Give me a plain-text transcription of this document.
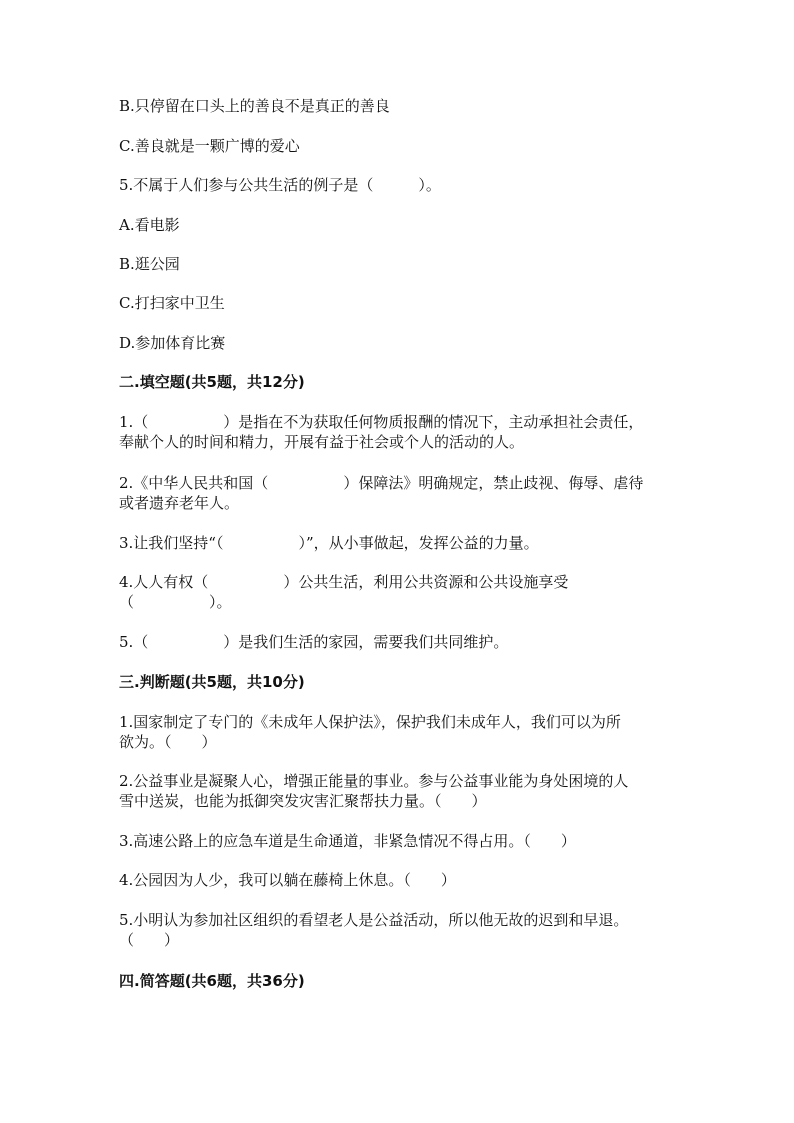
B.只停留在口头上的善良不是真正的善良
C.善良就是一颗广博的爱心
5.不属于人们参与公共生活的例子是（　　　）。
A.看电影
B.逛公园
C.打扫家中卫生
D.参加体育比赛
二.填空题(共5题，共12分)
1.（　　　　　）是指在不为获取任何物质报酬的情况下，主动承担社会责任，
奉献个人的时间和精力，开展有益于社会或个人的活动的人。
2.《中华人民共和国（　　　　　）保障法》明确规定，禁止歧视、侮辱、虐待
或者遗弃老年人。
3.让我们坚持“（　　　　　）”，从小事做起，发挥公益的力量。
4.人人有权（　　　　　）公共生活，利用公共资源和公共设施享受
（　　　　　）。
5.（　　　　　）是我们生活的家园，需要我们共同维护。
三.判断题(共5题，共10分)
1.国家制定了专门的《未成年人保护法》，保护我们未成年人，我们可以为所
欲为。（　　）
2.公益事业是凝聚人心，增强正能量的事业。参与公益事业能为身处困境的人
雪中送炭，也能为抵御突发灾害汇聚帮扶力量。（　　）
3.高速公路上的应急车道是生命通道，非紧急情况不得占用。（　　）
4.公园因为人少，我可以躺在藤椅上休息。（　　）
5.小明认为参加社区组织的看望老人是公益活动，所以他无故的迟到和早退。
（　　）
四.简答题(共6题，共36分)
